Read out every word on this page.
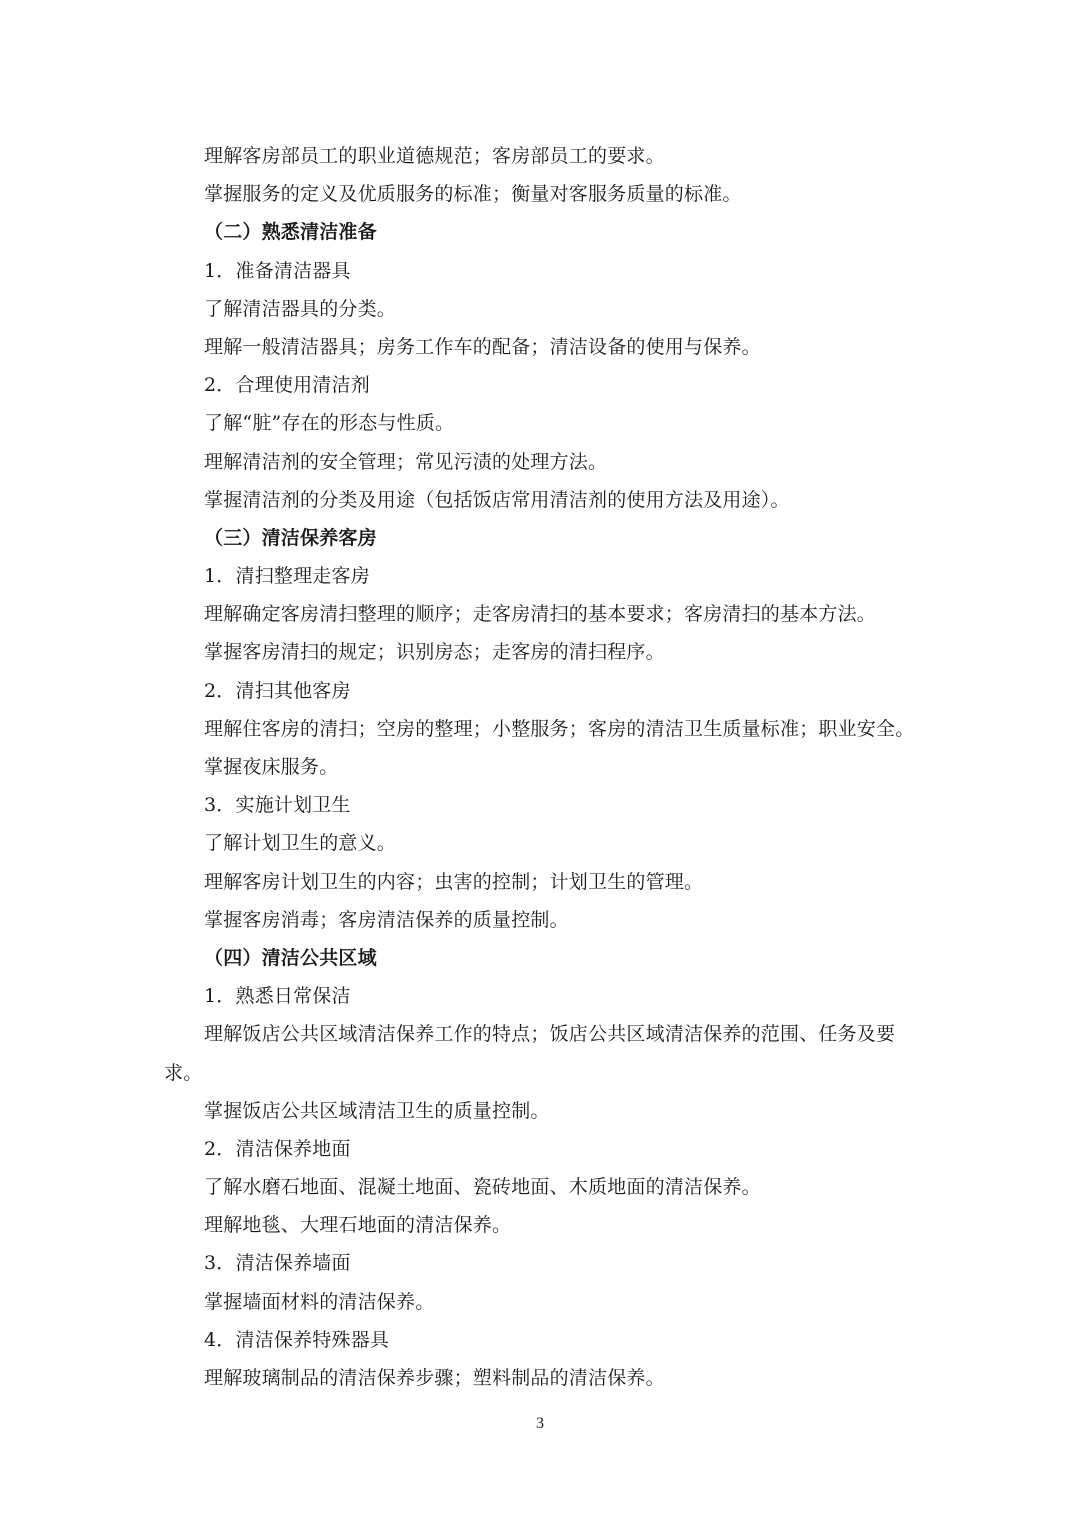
理解客房部员工的职业道德规范；客房部员工的要求。
掌握服务的定义及优质服务的标准；衡量对客服务质量的标准。
（二）熟悉清洁准备
1．准备清洁器具
了解清洁器具的分类。
理解一般清洁器具；房务工作车的配备；清洁设备的使用与保养。
2．合理使用清洁剂
了解“脏”存在的形态与性质。
理解清洁剂的安全管理；常见污渍的处理方法。
掌握清洁剂的分类及用途（包括饭店常用清洁剂的使用方法及用途）。
（三）清洁保养客房
1．清扫整理走客房
理解确定客房清扫整理的顺序；走客房清扫的基本要求；客房清扫的基本方法。
掌握客房清扫的规定；识别房态；走客房的清扫程序。
2．清扫其他客房
理解住客房的清扫；空房的整理；小整服务；客房的清洁卫生质量标准；职业安全。
掌握夜床服务。
3．实施计划卫生
了解计划卫生的意义。
理解客房计划卫生的内容；虫害的控制；计划卫生的管理。
掌握客房消毒；客房清洁保养的质量控制。
（四）清洁公共区域
1．熟悉日常保洁
理解饭店公共区域清洁保养工作的特点；饭店公共区域清洁保养的范围、任务及要
求。
掌握饭店公共区域清洁卫生的质量控制。
2．清洁保养地面
了解水磨石地面、混凝土地面、瓷砖地面、木质地面的清洁保养。
理解地毯、大理石地面的清洁保养。
3．清洁保养墙面
掌握墙面材料的清洁保养。
4．清洁保养特殊器具
理解玻璃制品的清洁保养步骤；塑料制品的清洁保养。
3
